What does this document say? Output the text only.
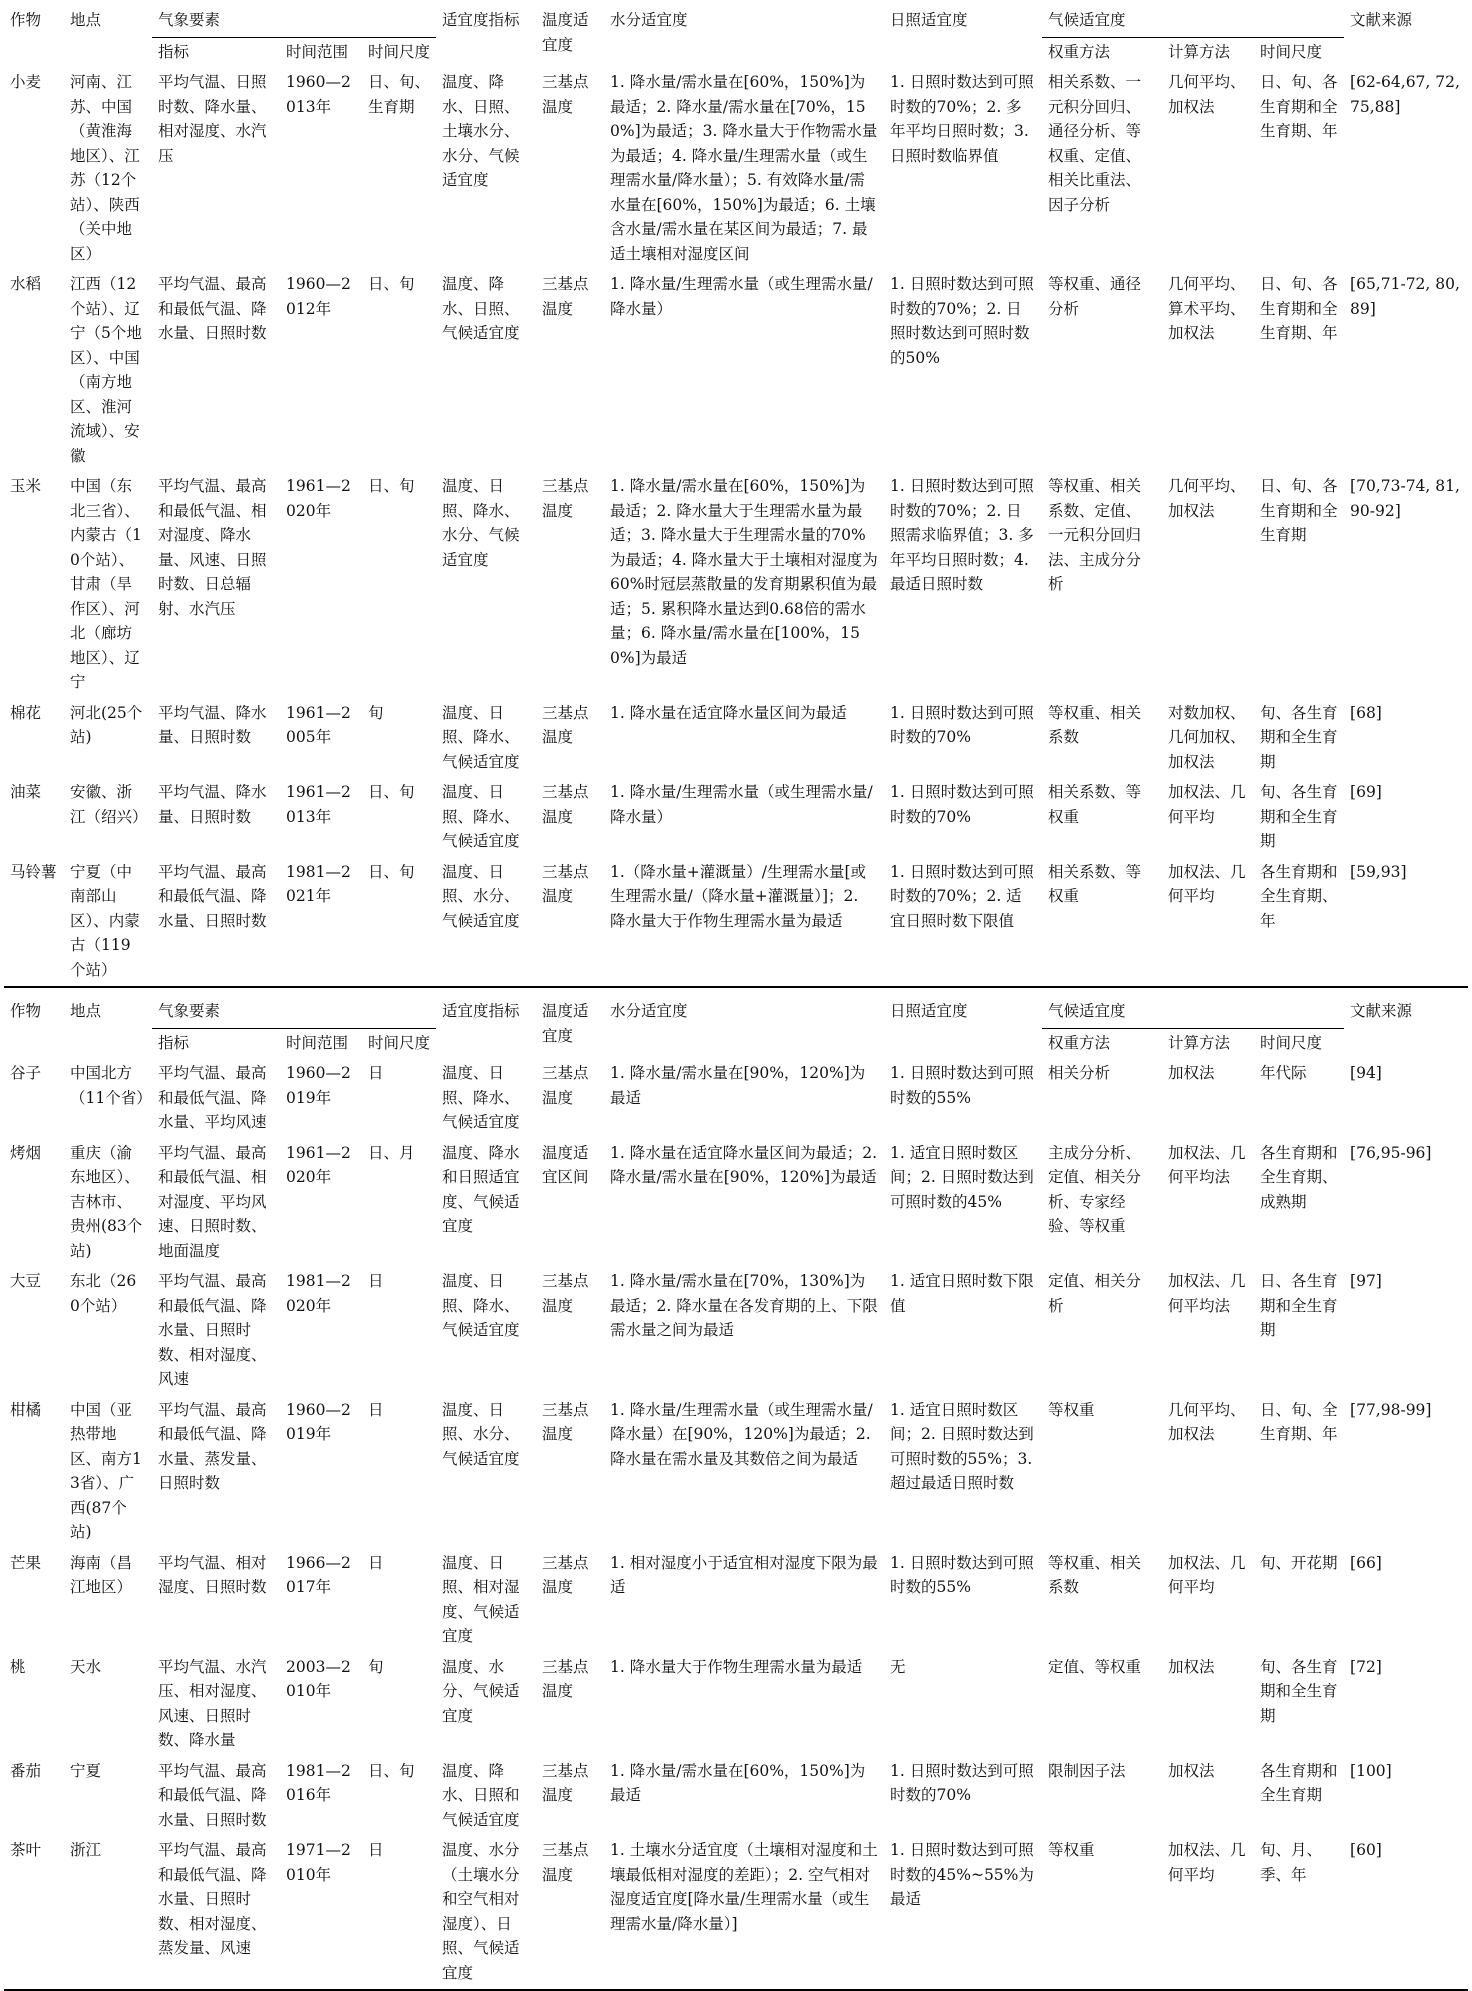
作物	地点	气象要素			适宜度指标	温度适宜度	水分适宜度	日照适宜度	气候适宜度			文献来源
		指标	时间范围	时间尺度					权重方法	计算方法	时间尺度	
小麦	河南、江苏、中国（黄淮海地区）、江苏（12个站）、陕西（关中地区）	平均气温、日照时数、降水量、相对湿度、水汽压	1960—2013年	日、旬、生育期	温度、降水、日照、土壤水分、水分、气候适宜度	三基点温度	1. 降水量/需水量在[60%，150%]为最适；2. 降水量/需水量在[70%，150%]为最适；3. 降水量大于作物需水量为最适；4. 降水量/生理需水量（或生理需水量/降水量）；5. 有效降水量/需水量在[60%，150%]为最适；6. 土壤含水量/需水量在某区间为最适；7. 最适土壤相对湿度区间	1. 日照时数达到可照时数的70%；2. 多年平均日照时数；3. 日照时数临界值	相关系数、一元积分回归、通径分析、等权重、定值、相关比重法、因子分析	几何平均、加权法	日、旬、各生育期和全生育期、年	[62-64,67, 72,75,88]
水稻	江西（12个站）、辽宁（5个地区）、中国（南方地区、淮河流域）、安徽	平均气温、最高和最低气温、降水量、日照时数	1960—2012年	日、旬	温度、降水、日照、气候适宜度	三基点温度	1. 降水量/生理需水量（或生理需水量/降水量）	1. 日照时数达到可照时数的70%；2. 日照时数达到可照时数的50%	等权重、通径分析	几何平均、算术平均、加权法	日、旬、各生育期和全生育期、年	[65,71-72, 80,89]
玉米	中国（东北三省）、内蒙古（10个站）、甘肃（旱作区）、河北（廊坊地区）、辽宁	平均气温、最高和最低气温、相对湿度、降水量、风速、日照时数、日总辐射、水汽压	1961—2020年	日、旬	温度、日照、降水、水分、气候适宜度	三基点温度	1. 降水量/需水量在[60%，150%]为最适；2. 降水量大于生理需水量为最适；3. 降水量大于生理需水量的70%为最适；4. 降水量大于土壤相对湿度为60%时冠层蒸散量的发育期累积值为最适；5. 累积降水量达到0.68倍的需水量；6. 降水量/需水量在[100%，150%]为最适	1. 日照时数达到可照时数的70%；2. 日照需求临界值；3. 多年平均日照时数；4. 最适日照时数	等权重、相关系数、定值、一元积分回归法、主成分分析	几何平均、加权法	日、旬、各生育期和全生育期	[70,73-74, 81,90-92]
棉花	河北(25个站)	平均气温、降水量、日照时数	1961—2005年	旬	温度、日照、降水、气候适宜度	三基点温度	1. 降水量在适宜降水量区间为最适	1. 日照时数达到可照时数的70%	等权重、相关系数	对数加权、几何加权、加权法	旬、各生育期和全生育期	[68]
油菜	安徽、浙江（绍兴）	平均气温、降水量、日照时数	1961—2013年	日、旬	温度、日照、降水、气候适宜度	三基点温度	1. 降水量/生理需水量（或生理需水量/降水量）	1. 日照时数达到可照时数的70%	相关系数、等权重	加权法、几何平均	旬、各生育期和全生育期	[69]
马铃薯	宁夏（中南部山区）、内蒙古（119个站）	平均气温、最高和最低气温、降水量、日照时数	1981—2021年	日、旬	温度、日照、水分、气候适宜度	三基点温度	1.（降水量+灌溉量）/生理需水量[或生理需水量/（降水量+灌溉量）]；2. 降水量大于作物生理需水量为最适	1. 日照时数达到可照时数的70%；2. 适宜日照时数下限值	相关系数、等权重	加权法、几何平均	各生育期和全生育期、年	[59,93]

作物	地点	气象要素			适宜度指标	温度适宜度	水分适宜度	日照适宜度	气候适宜度			文献来源
		指标	时间范围	时间尺度					权重方法	计算方法	时间尺度	
谷子	中国北方（11个省）	平均气温、最高和最低气温、降水量、平均风速	1960—2019年	日	温度、日照、降水、气候适宜度	三基点温度	1. 降水量/需水量在[90%，120%]为最适	1. 日照时数达到可照时数的55%	相关分析	加权法	年代际	[94]
烤烟	重庆（渝东地区）、吉林市、贵州(83个站)	平均气温、最高和最低气温、相对湿度、平均风速、日照时数、地面温度	1961—2020年	日、月	温度、降水和日照适宜度、气候适宜度	温度适宜区间	1. 降水量在适宜降水量区间为最适；2. 降水量/需水量在[90%，120%]为最适	1. 适宜日照时数区间；2. 日照时数达到可照时数的45%	主成分分析、定值、相关分析、专家经验、等权重	加权法、几何平均法	各生育期和全生育期、成熟期	[76,95-96]
大豆	东北（260个站）	平均气温、最高和最低气温、降水量、日照时数、相对湿度、风速	1981—2020年	日	温度、日照、降水、气候适宜度	三基点温度	1. 降水量/需水量在[70%，130%]为最适；2. 降水量在各发育期的上、下限需水量之间为最适	1. 适宜日照时数下限值	定值、相关分析	加权法、几何平均法	日、各生育期和全生育期	[97]
柑橘	中国（亚热带地区、南方13省）、广西(87个站)	平均气温、最高和最低气温、降水量、蒸发量、日照时数	1960—2019年	日	温度、日照、水分、气候适宜度	三基点温度	1. 降水量/生理需水量（或生理需水量/降水量）在[90%，120%]为最适；2. 降水量在需水量及其数倍之间为最适	1. 适宜日照时数区间；2. 日照时数达到可照时数的55%；3. 超过最适日照时数	等权重	几何平均、加权法	日、旬、全生育期、年	[77,98-99]
芒果	海南（昌江地区）	平均气温、相对湿度、日照时数	1966—2017年	日	温度、日照、相对湿度、气候适宜度	三基点温度	1. 相对湿度小于适宜相对湿度下限为最适	1. 日照时数达到可照时数的55%	等权重、相关系数	加权法、几何平均	旬、开花期	[66]
桃	天水	平均气温、水汽压、相对湿度、风速、日照时数、降水量	2003—2010年	旬	温度、水分、气候适宜度	三基点温度	1. 降水量大于作物生理需水量为最适	无	定值、等权重	加权法	旬、各生育期和全生育期	[72]
番茄	宁夏	平均气温、最高和最低气温、降水量、日照时数	1981—2016年	日、旬	温度、降水、日照和气候适宜度	三基点温度	1. 降水量/需水量在[60%，150%]为最适	1. 日照时数达到可照时数的70%	限制因子法	加权法	各生育期和全生育期	[100]
茶叶	浙江	平均气温、最高和最低气温、降水量、日照时数、相对湿度、蒸发量、风速	1971—2010年	日	温度、水分（土壤水分和空气相对湿度）、日照、气候适宜度	三基点温度	1. 土壤水分适宜度（土壤相对湿度和土壤最低相对湿度的差距）；2. 空气相对湿度适宜度[降水量/生理需水量（或生理需水量/降水量）]	1. 日照时数达到可照时数的45%~55%为最适	等权重	加权法、几何平均	旬、月、季、年	[60]
